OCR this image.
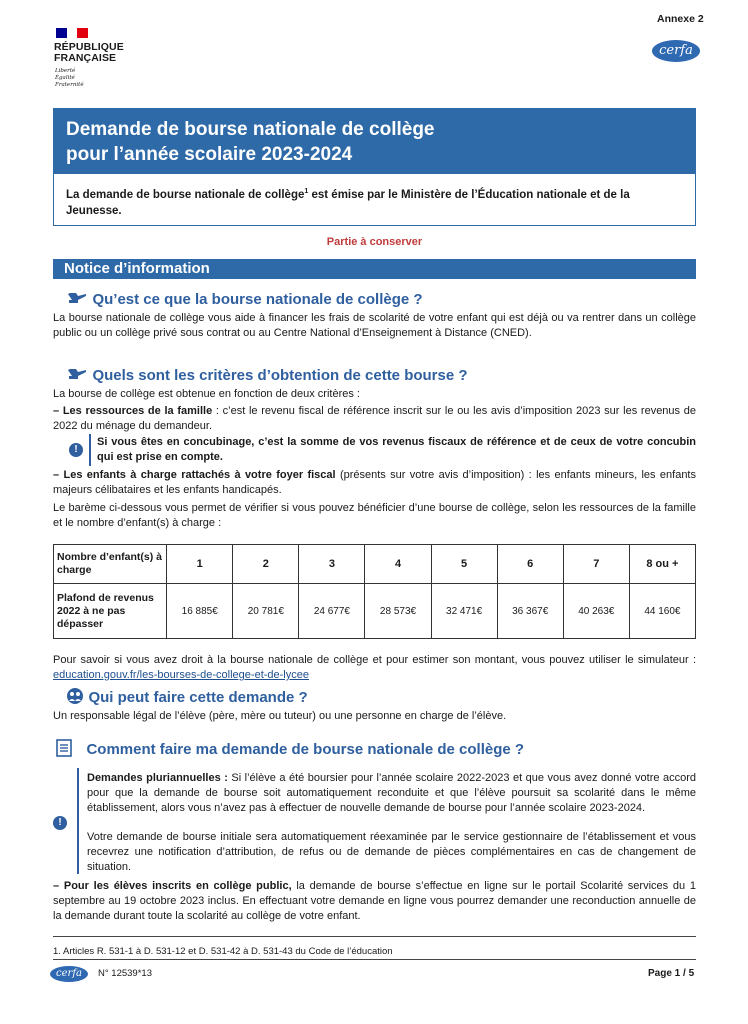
RÉPUBLIQUE
FRANÇAISE
Liberté
Égalité
Fraternité
Annexe 2
cerfa
Demande de bourse nationale de collège
pour l’année scolaire 2023-2024
La demande de bourse nationale de collège$^1$ est émise par le Ministère de l’Éducation nationale et de la Jeunesse.
Partie à conserver
Notice d’information
Qu’est ce que la bourse nationale de collège ?
La bourse nationale de collège vous aide à financer les frais de scolarité de votre enfant qui est déjà ou va rentrer dans un collège public ou un collège privé sous contrat ou au Centre National d’Enseignement à Distance (CNED).
Quels sont les critères d’obtention de cette bourse ?
La bourse de collège est obtenue en fonction de deux critères :
– Les ressources de la famille : c’est le revenu fiscal de référence inscrit sur le ou les avis d’imposition 2023 sur les revenus de 2022 du ménage du demandeur.
!
Si vous êtes en concubinage, c’est la somme de vos revenus fiscaux de référence et de ceux de votre concubin qui est prise en compte.
– Les enfants à charge rattachés à votre foyer fiscal (présents sur votre avis d’imposition) : les enfants mineurs, les enfants majeurs célibataires et les enfants handicapés.
Le barème ci-dessous vous permet de vérifier si vous pouvez bénéficier d’une bourse de collège, selon les ressources de la famille et le nombre d’enfant(s) à charge :
Nombre d’enfant(s) à charge	1	2	3	4	5	6	7	8 ou +
Plafond de revenus 2022 à ne pas dépasser	16 885€	20 781€	24 677€	28 573€	32 471€	36 367€	40 263€	44 160€
Pour savoir si vous avez droit à la bourse nationale de collège et pour estimer son montant, vous pouvez utiliser le simulateur : education.gouv.fr/les-bourses-de-college-et-de-lycee
Qui peut faire cette demande ?
Un responsable légal de l’élève (père, mère ou tuteur) ou une personne en charge de l’élève.
Comment faire ma demande de bourse nationale de collège ?
!
Demandes pluriannuelles : Si l’élève a été boursier pour l’année scolaire 2022-2023 et que vous avez donné votre accord pour que la demande de bourse soit automatiquement reconduite et que l’élève poursuit sa scolarité dans le même établissement, alors vous n’avez pas à effectuer de nouvelle demande de bourse pour l’année scolaire 2023-2024.
Votre demande de bourse initiale sera automatiquement réexaminée par le service gestionnaire de l’établissement et vous recevrez une notification d’attribution, de refus ou de demande de pièces complémentaires en cas de changement de situation.
– Pour les élèves inscrits en collège public, la demande de bourse s’effectue en ligne sur le portail Scolarité services du 1 septembre au 19 octobre 2023 inclus. En effectuant votre demande en ligne vous pourrez demander une reconduction annuelle de la demande durant toute la scolarité au collège de votre enfant.
1. Articles R. 531-1 à D. 531-12 et D. 531-42 à D. 531-43 du Code de l’éducation
cerfa	N° 12539*13	Page 1 / 5
